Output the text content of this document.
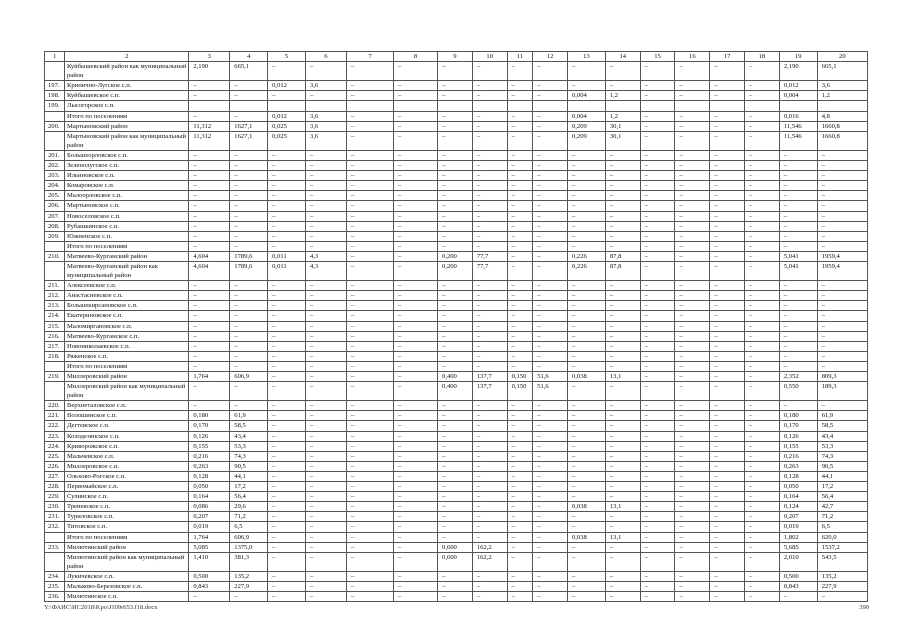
1	2	3	4	5	6	7	8	9	10	11	12	13	14	15	16	17	18	19	20
	Куйбышевский район как муниципальный район	2,190	665,1	–	–	–	–	–	–	–	–	–	–	–	–	–	–	2,190	665,1
197.	Кринично-Лугское с.п.	–	–	0,012	3,6	–	–	–	–	–	–	–	–	–	–	–	–	0,012	3,6
198.	Куйбышевское с.п.	–	–	–	–	–	–	–	–	–	–	0,004	1,2	–	–	–	–	0,004	1,2
199.	Лысогорское с.п.																		
	Итого по поселениям	–	–	0,012	3,6	–	–	–	–	–	–	0,004	1,2	–	–	–	–	0,016	4,8
200.	Мартыновский район	11,312	1627,1	0,025	3,6	–	–	–	–	–	–	0,209	30,1	–	–	–	–	11,546	1660,8
	Мартыновский район как муниципальный район	11,312	1627,1	0,025	3,6	–	–	–	–	–	–	0,209	30,1	–	–	–	–	11,546	1660,8
201.	Большеорловское с.п.	–	–	–	–	–	–	–	–	–	–	–	–	–	–	–	–	–	–
202.	Зеленолугское с.п.	–	–	–	–	–	–	–	–	–	–	–	–	–	–	–	–	–	–
203.	Ильиновское с.п.	–	–	–	–	–	–	–	–	–	–	–	–	–	–	–	–	–	–
204.	Комаровское с.п.	–	–	–	–	–	–	–	–	–	–	–	–	–	–	–	–	–	–
205.	Малоорловское с.п.	–	–	–	–	–	–	–	–	–	–	–	–	–	–	–	–	–	–
206.	Мартыновское с.п.	–	–	–	–	–	–	–	–	–	–	–	–	–	–	–	–	–	–
207.	Новоселовское с.п.	–	–	–	–	–	–	–	–	–	–	–	–	–	–	–	–	–	–
208.	Рубашкинское с.п.	–	–	–	–	–	–	–	–	–	–	–	–	–	–	–	–	–	–
209.	Южненское с.п.	–	–	–	–	–	–	–	–	–	–	–	–	–	–	–	–	–	–
	Итого по поселениям	–	–	–	–	–	–	–	–	–	–	–	–	–	–	–	–	–	–
210.	Матвеево-Курганский район	4,604	1789,6	0,011	4,3	–	–	0,200	77,7	–	–	0,226	87,8	–	–	–	–	5,041	1959,4
	Матвеево-Курганский район как муниципальный район	4,604	1789,6	0,011	4,3	–	–	0,200	77,7	–	–	0,226	87,8	–	–	–	–	5,041	1959,4
211.	Алексеевское с.п.	–	–	–	–	–	–	–	–	–	–	–	–	–	–	–	–	–	–
212.	Анастасиевское с.п.	–	–	–	–	–	–	–	–	–	–	–	–	–	–	–	–	–	–
213.	Большекирсановское с.п.	–	–	–	–	–	–	–	–	–	–	–	–	–	–	–	–	–	–
214.	Екатериновское с.п.	–	–	–	–	–	–	–	–	–	–	–	–	–	–	–	–	–	–
215.	Маломиргановское с.п.	–	–	–	–	–	–	–	–	–	–	–	–	–	–	–	–	–	–
216.	Матвеево-Курганское с.п.	–	–	–	–	–	–	–	–	–	–	–	–	–	–	–	–	–	–
217.	Новониколаевское с.п.	–	–	–	–	–	–	–	–	–	–	–	–	–	–	–	–	–	–
218.	Ряженское с.п.	–	–	–	–	–	–	–	–	–	–	–	–	–	–	–	–	–	–
	Итого по поселениям	–	–	–	–	–	–	–	–	–	–	–	–	–	–	–	–	–	–
219.	Миллеровский район	1,764	606,9	–	–	–	–	0,400	137,7	0,150	51,6	0,038	13,1	–	–	–	–	2,352	809,3
	Миллеровский район как муниципальный район	–	–	–	–	–	–	0,400	137,7	0,150	51,6	–	–	–	–	–	–	0,550	189,3
220.	Верхнеталовское с.п.	–	–	–	–	–	–	–	–	–	–	–	–	–	–	–	–	–	–
221.	Волошинское с.п.	0,180	61,9	–	–	–	–	–	–	–	–	–	–	–	–	–	–	0,180	61,9
222.	Дегтевское с.п.	0,170	58,5	–	–	–	–	–	–	–	–	–	–	–	–	–	–	0,170	58,5
223.	Колодезянское с.п.	0,126	43,4	–	–	–	–	–	–	–	–	–	–	–	–	–	–	0,126	43,4
224.	Криворожское с.п.	0,155	53,3	–	–	–	–	–	–	–	–	–	–	–	–	–	–	0,155	53,3
225.	Мальчевское с.п.	0,216	74,3	–	–	–	–	–	–	–	–	–	–	–	–	–	–	0,216	74,3
226.	Миллеровское с.п.	0,263	90,5	–	–	–	–	–	–	–	–	–	–	–	–	–	–	0,263	90,5
227.	Ольхово-Рогское с.п.	0,128	44,1	–	–	–	–	–	–	–	–	–	–	–	–	–	–	0,128	44,1
228.	Первомайское с.п.	0,050	17,2	–	–	–	–	–	–	–	–	–	–	–	–	–	–	0,050	17,2
229.	Сулинское с.п.	0,164	56,4	–	–	–	–	–	–	–	–	–	–	–	–	–	–	0,164	56,4
230.	Треневское с.п.	0,086	29,6	–	–	–	–	–	–	–	–	0,038	13,1	–	–	–	–	0,124	42,7
231.	Туриловское с.п.	0,207	71,2	–	–	–	–	–	–	–	–	–	–	–	–	–	–	0,207	71,2
232.	Титовское с.п.	0,019	6,5	–	–	–	–	–	–	–	–	–	–	–	–	–	–	0,019	6,5
	Итого по поселениям	1,764	606,9	–	–	–	–	–	–	–	–	0,038	13,1	–	–	–	–	1,802	620,0
233.	Милютинский район	5,085	1375,0	–	–	–	–	0,600	162,2	–	–	–	–	–	–	–	–	5,685	1537,2
	Милютинский район как муниципальный район	1,410	381,3	–	–	–	–	0,600	162,2	–	–	–	–	–	–	–	–	2,010	543,5
234.	Лукичевское с.п.	0,500	135,2	–	–	–	–	–	–	–	–	–	–	–	–	–	–	0,500	135,2
235.	Мальково-Березовское с.п.	0,843	227,9	–	–	–	–	–	–	–	–	–	–	–	–	–	–	0,843	227,9
236.	Милютинское с.п.	–	–	–	–	–	–	–	–	–	–	–	–	–	–	–	–	–	–
Y:\ФАИС\ИС2018\Kpo\J109r653.f18.docx	390
